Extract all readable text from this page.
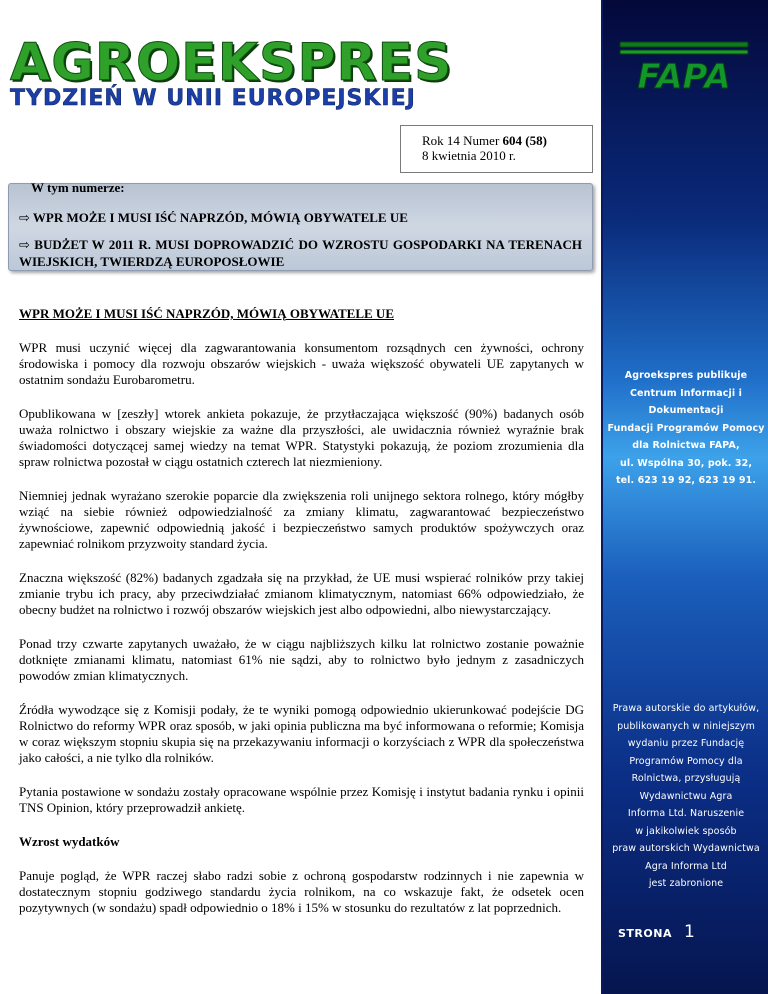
FAPA
Agroekspres publikuje
Centrum Informacji i Dokumentacji
Fundacji Programów Pomocy
dla Rolnictwa FAPA,
ul. Wspólna 30, pok. 32,
tel. 623 19 92, 623 19 91.
Prawa autorskie do artykułów,
publikowanych w niniejszym
wydaniu przez Fundację
Programów Pomocy dla
Rolnictwa, przysługują
Wydawnictwu Agra
Informa Ltd. Naruszenie
w jakikolwiek sposób
praw autorskich Wydawnictwa
Agra Informa Ltd
jest zabronione
STRONA 1
AGROEKSPRES
TYDZIEŃ W UNII EUROPEJSKIEJ
Rok 14 Numer 604 (58)
8 kwietnia 2010 r.
W tym numerze:
⇨ WPR MOŻE I MUSI IŚĆ NAPRZÓD, MÓWIĄ OBYWATELE UE
⇨ BUDŻET W 2011 R. MUSI DOPROWADZIĆ DO WZROSTU GOSPODARKI NA TERENACH WIEJSKICH, TWIERDZĄ EUROPOSŁOWIE
WPR MOŻE I MUSI IŚĆ NAPRZÓD, MÓWIĄ OBYWATELE UE

WPR musi uczynić więcej dla zagwarantowania konsumentom rozsądnych cen żywności, ochrony środowiska i pomocy dla rozwoju obszarów wiejskich - uważa większość obywateli UE zapytanych w ostatnim sondażu Eurobarometru.

Opublikowana w [zeszły] wtorek ankieta pokazuje, że przytłaczająca większość (90%) badanych osób uważa rolnictwo i obszary wiejskie za ważne dla przyszłości, ale uwidacznia również wyraźnie brak świadomości dotyczącej samej wiedzy na temat WPR. Statystyki pokazują, że poziom zrozumienia dla spraw rolnictwa pozostał w ciągu ostatnich czterech lat niezmieniony.

Niemniej jednak wyrażano szerokie poparcie dla zwiększenia roli unijnego sektora rolnego, który mógłby wziąć na siebie również odpowiedzialność za zmiany klimatu, zagwarantować bezpieczeństwo żywnościowe, zapewnić odpowiednią jakość i bezpieczeństwo samych produktów spożywczych oraz zapewniać rolnikom przyzwoity standard życia.

Znaczna większość (82%) badanych zgadzała się na przykład, że UE musi wspierać rolników przy takiej zmianie trybu ich pracy, aby przeciwdziałać zmianom klimatycznym, natomiast 66% odpowiedziało, że obecny budżet na rolnictwo i rozwój obszarów wiejskich jest albo odpowiedni, albo niewystarczający.

Ponad trzy czwarte zapytanych uważało, że w ciągu najbliższych kilku lat rolnictwo zostanie poważnie dotknięte zmianami klimatu, natomiast 61% nie sądzi, aby to rolnictwo było jednym z zasadniczych powodów zmian klimatycznych.

Źródła wywodzące się z Komisji podały, że te wyniki pomogą odpowiednio ukierunkować podejście DG Rolnictwo do reformy WPR oraz sposób, w jaki opinia publiczna ma być informowana o reformie; Komisja w coraz większym stopniu skupia się na przekazywaniu informacji o korzyściach z WPR dla społeczeństwa jako całości, a nie tylko dla rolników.

Pytania postawione w sondażu zostały opracowane wspólnie przez Komisję i instytut badania rynku i opinii TNS Opinion, który przeprowadził ankietę.

Wzrost wydatków

Panuje pogląd, że WPR raczej słabo radzi sobie z ochroną gospodarstw rodzinnych i nie zapewnia w dostatecznym stopniu godziwego standardu życia rolnikom, na co wskazuje fakt, że odsetek ocen pozytywnych (w sondażu) spadł odpowiednio o 18% i 15% w stosunku do rezultatów z lat poprzednich.
